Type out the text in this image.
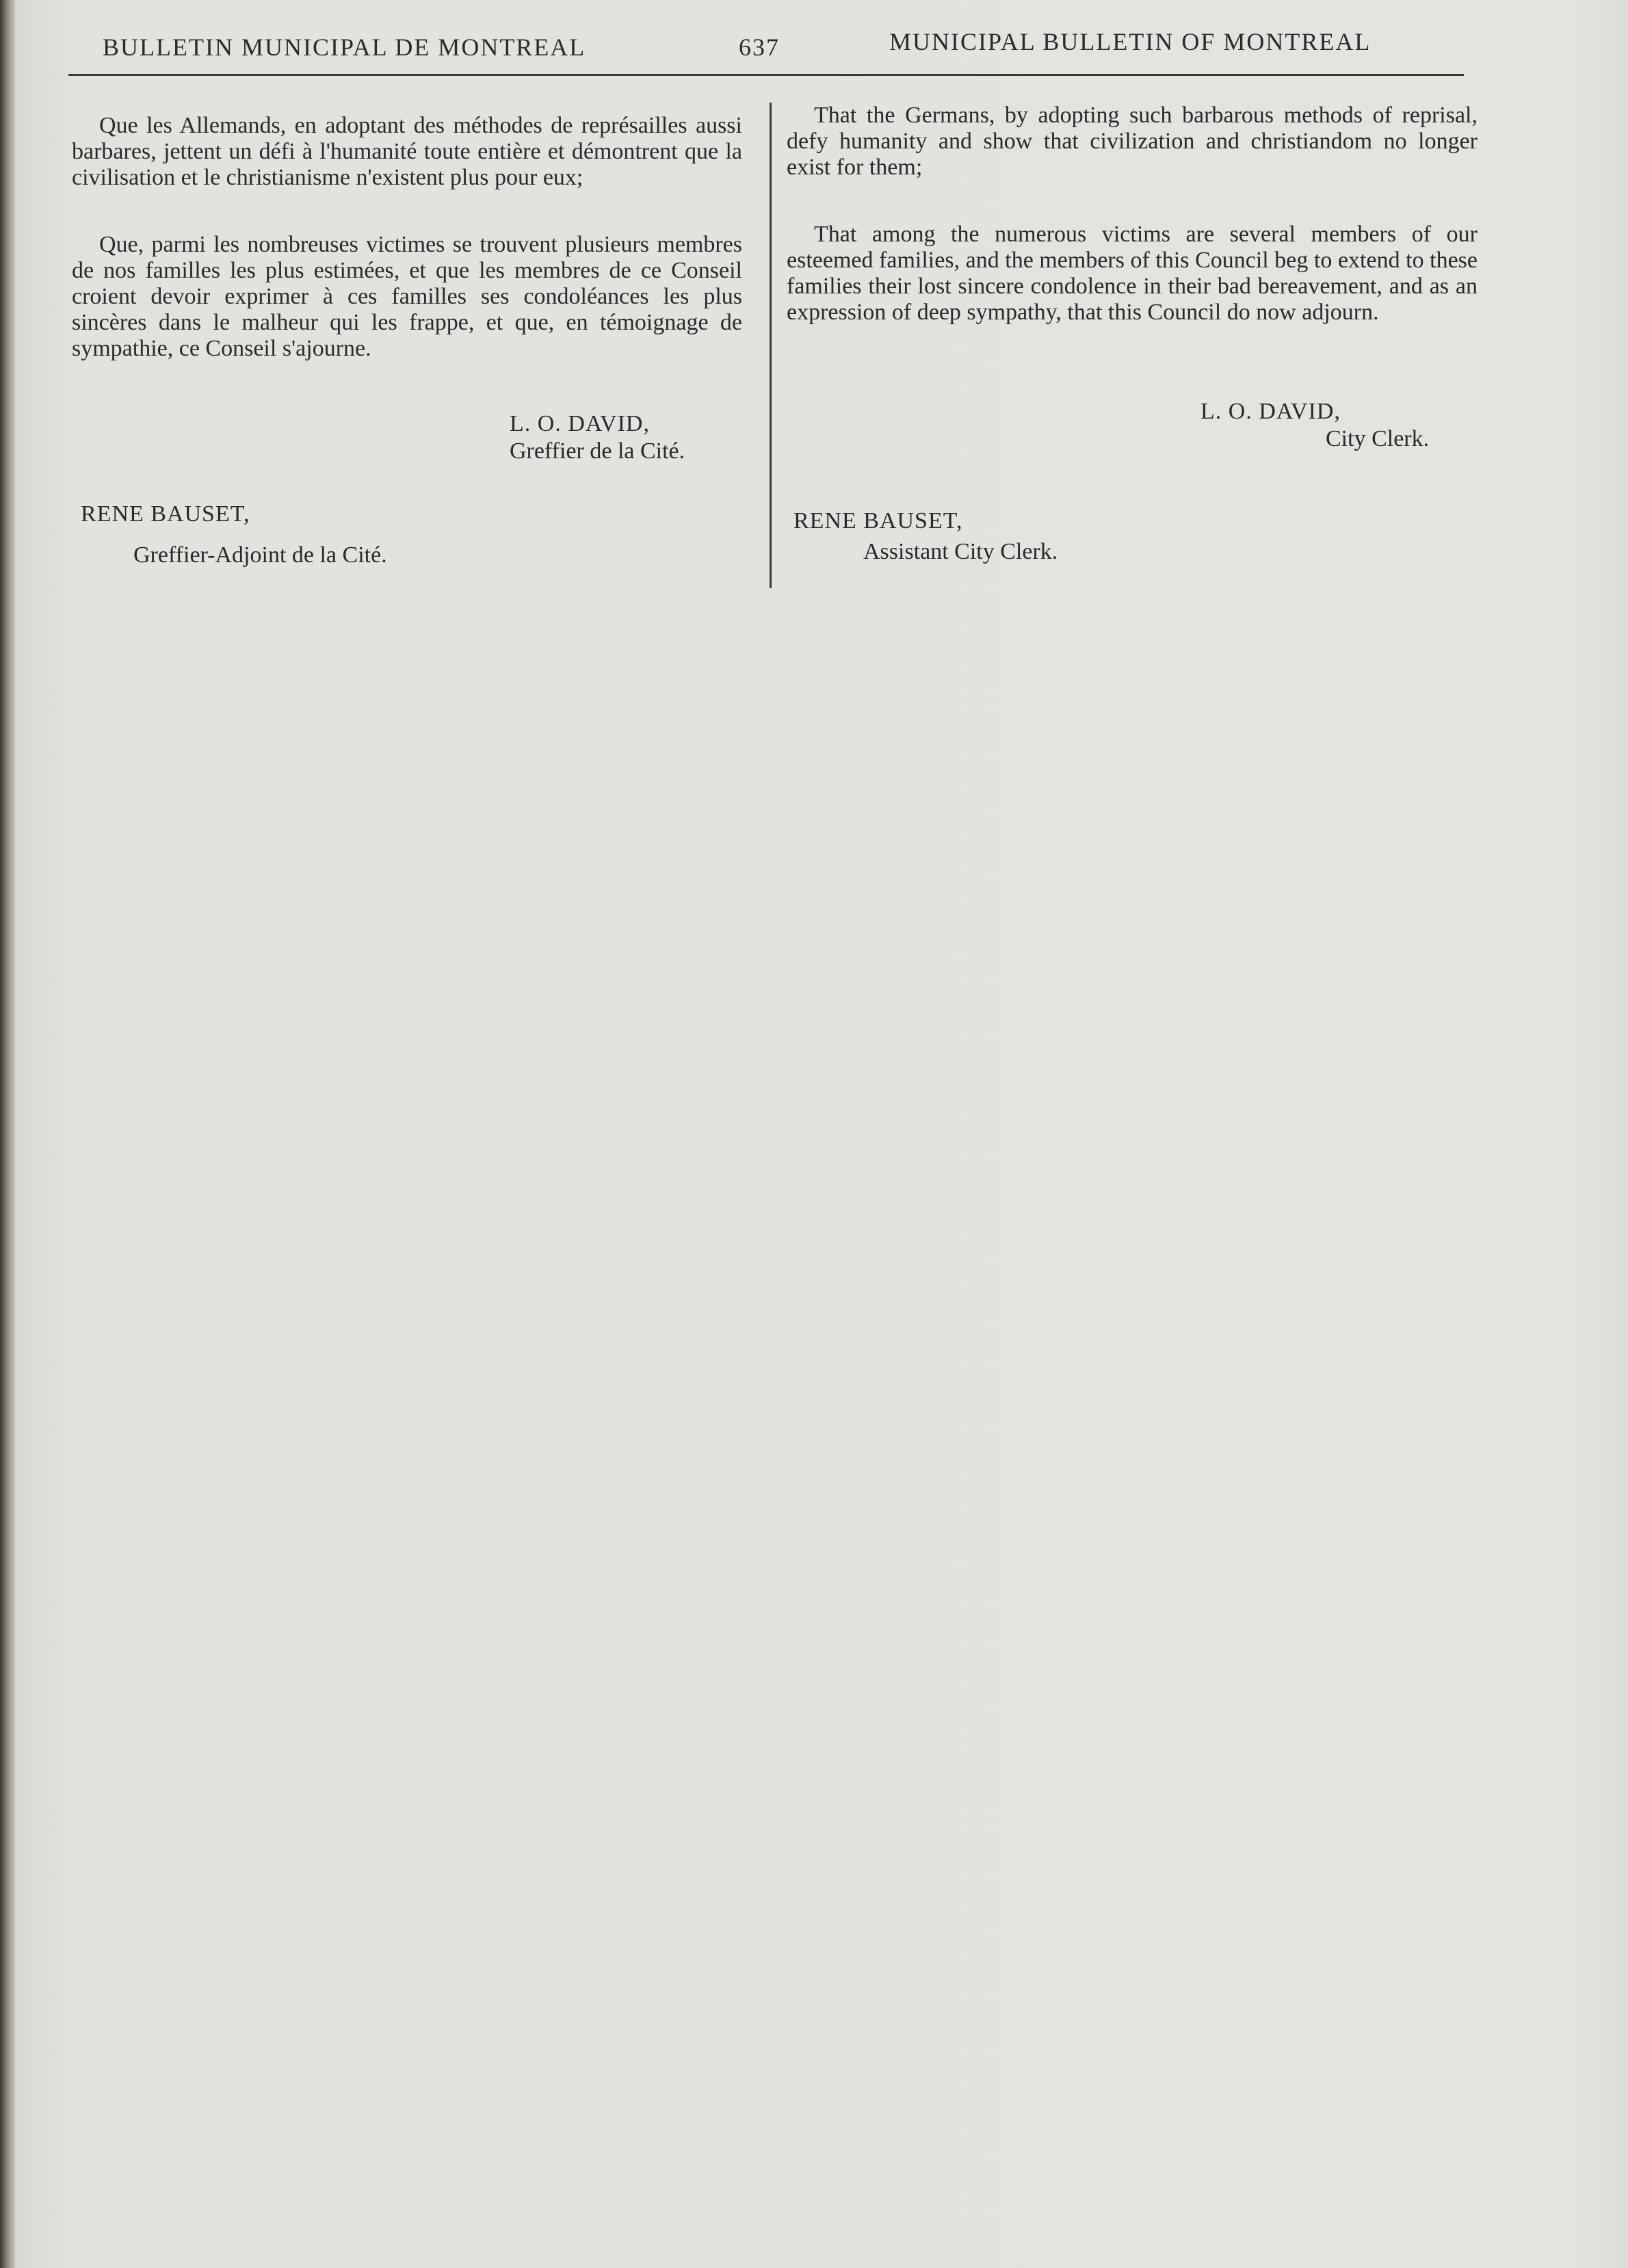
BULLETIN MUNICIPAL DE MONTREAL	637	MUNICIPAL BULLETIN OF MONTREAL

Que les Allemands, en adoptant des méthodes de représailles aussi barbares, jettent un défi à l'humanité toute entière et démontrent que la civilisation et le christianisme n'existent plus pour eux;

Que, parmi les nombreuses victimes se trouvent plusieurs membres de nos familles les plus estimées, et que les membres de ce Conseil croient devoir exprimer à ces familles ses condoléances les plus sincères dans le malheur qui les frappe, et que, en témoignage de sympathie, ce Conseil s'ajourne.

That the Germans, by adopting such barbarous methods of reprisal, defy humanity and show that civilization and christiandom no longer exist for them;

That among the numerous victims are several members of our esteemed families, and the members of this Council beg to extend to these families their lost sincere condolence in their bad bereavement, and as an expression of deep sympathy, that this Council do now adjourn.

L. O. DAVID,
Greffier de la Cité.
L. O. DAVID,
City Clerk.
RENE BAUSET,
Greffier-Adjoint de la Cité.
RENE BAUSET,
Assistant City Clerk.
